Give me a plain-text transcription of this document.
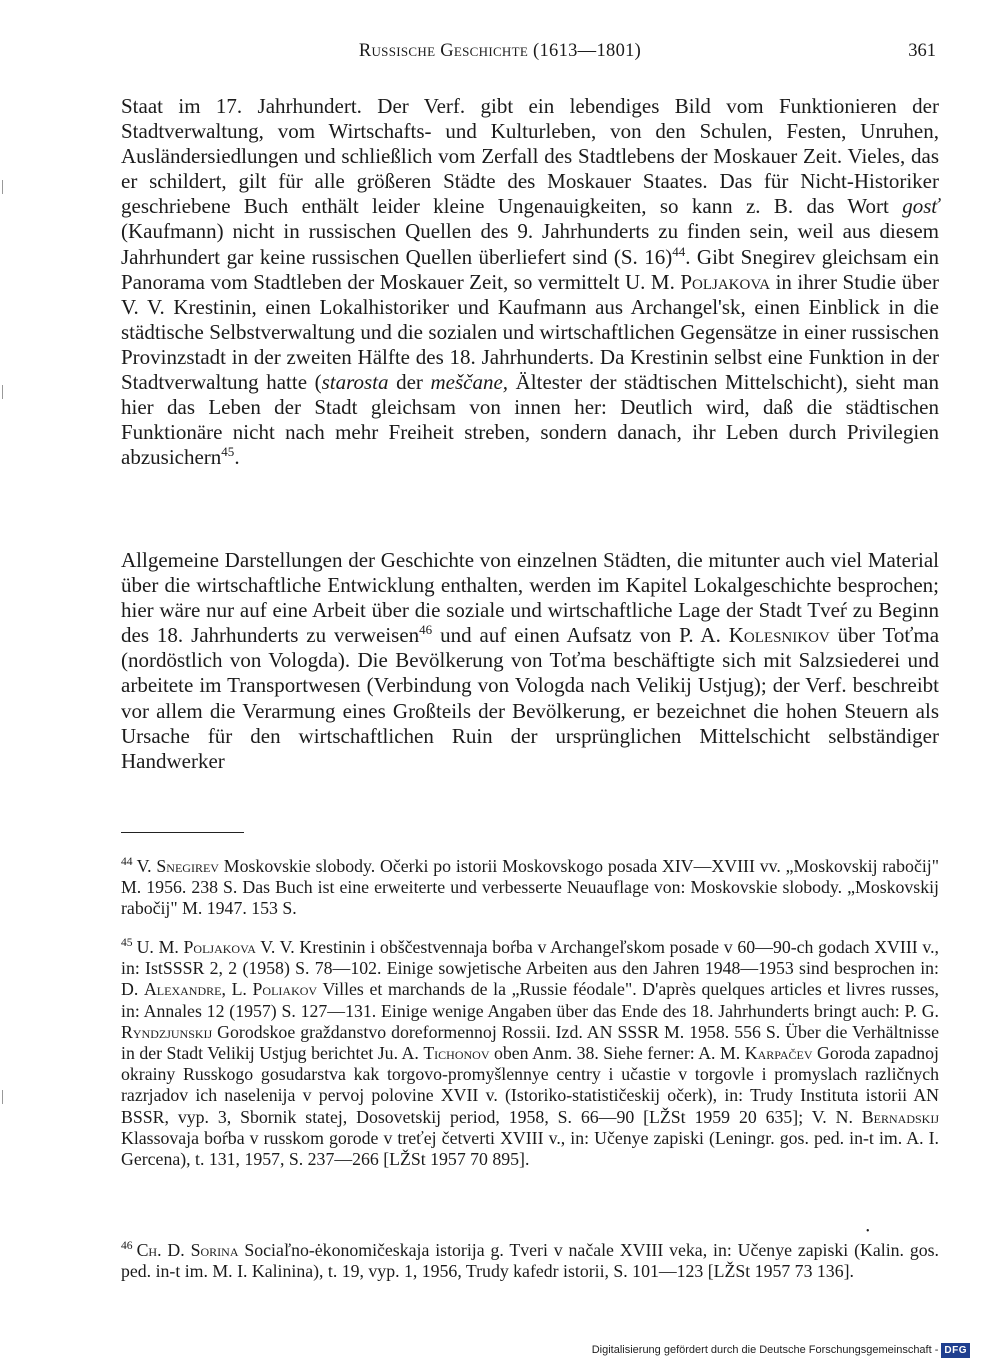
Russische Geschichte (1613—1801)	361

Staat im 17. Jahrhundert. Der Verf. gibt ein lebendiges Bild vom Funktionieren der Stadtverwaltung, vom Wirtschafts- und Kulturleben, von den Schulen, Festen, Unruhen, Ausländersiedlungen und schließlich vom Zerfall des Stadtlebens der Moskauer Zeit. Vieles, das er schildert, gilt für alle größeren Städte des Moskauer Staates. Das für Nicht-Historiker geschriebene Buch enthält leider kleine Ungenauigkeiten, so kann z. B. das Wort gosť (Kaufmann) nicht in russischen Quellen des 9. Jahrhunderts zu finden sein, weil aus diesem Jahrhundert gar keine russischen Quellen überliefert sind (S. 16)$^{44}$. Gibt Snegirev gleichsam ein Panorama vom Stadtleben der Moskauer Zeit, so vermittelt U. M. Poljakova in ihrer Studie über V. V. Krestinin, einen Lokalhistoriker und Kaufmann aus Archangel'sk, einen Einblick in die städtische Selbstverwaltung und die sozialen und wirtschaftlichen Gegensätze in einer russischen Provinzstadt in der zweiten Hälfte des 18. Jahrhunderts. Da Krestinin selbst eine Funktion in der Stadtverwaltung hatte (starosta der meščane, Ältester der städtischen Mittelschicht), sieht man hier das Leben der Stadt gleichsam von innen her: Deutlich wird, daß die städtischen Funktionäre nicht nach mehr Freiheit streben, sondern danach, ihr Leben durch Privilegien abzusichern$^{45}$.

Allgemeine Darstellungen der Geschichte von einzelnen Städten, die mitunter auch viel Material über die wirtschaftliche Entwicklung enthalten, werden im Kapitel Lokalgeschichte besprochen; hier wäre nur auf eine Arbeit über die soziale und wirtschaftliche Lage der Stadt Tveŕ zu Beginn des 18. Jahrhunderts zu verweisen$^{46}$ und auf einen Aufsatz von P. A. Kolesnikov über Toťma (nordöstlich von Vologda). Die Bevölkerung von Toťma beschäftigte sich mit Salzsiederei und arbeitete im Transportwesen (Verbindung von Vologda nach Velikij Ustjug); der Verf. beschreibt vor allem die Verarmung eines Großteils der Bevölkerung, er bezeichnet die hohen Steuern als Ursache für den wirtschaftlichen Ruin der ursprünglichen Mittelschicht selbständiger Handwerker

$^{44}$ V. Snegirev Moskovskie slobody. Očerki po istorii Moskovskogo posada XIV—XVIII vv. „Moskovskij rabočij" M. 1956. 238 S. Das Buch ist eine erweiterte und verbesserte Neuauflage von: Moskovskie slobody. „Moskovskij rabočij" M. 1947. 153 S.

$^{45}$ U. M. Poljakova V. V. Krestinin i obščestvennaja boŕba v Archangeľskom posade v 60—90-ch godach XVIII v., in: IstSSSR 2, 2 (1958) S. 78—102. Einige sowjetische Arbeiten aus den Jahren 1948—1953 sind besprochen in: D. Alexandre, L. Poliakov Villes et marchands de la „Russie féodale". D'après quelques articles et livres russes, in: Annales 12 (1957) S. 127—131. Einige wenige Angaben über das Ende des 18. Jahrhunderts bringt auch: P. G. Ryndzjunskij Gorodskoe graždanstvo doreformennoj Rossii. Izd. AN SSSR M. 1958. 556 S. Über die Verhältnisse in der Stadt Velikij Ustjug berichtet Ju. A. Tichonov oben Anm. 38. Siehe ferner: A. M. Karpačev Goroda zapadnoj okrainy Russkogo gosudarstva kak torgovo-promyšlennye centry i učastie v torgovle i promyslach različnych razrjadov ich naselenija v pervoj polovine XVII v. (Istoriko-statističeskij očerk), in: Trudy Instituta istorii AN BSSR, vyp. 3, Sbornik statej, Dosovetskij period, 1958, S. 66—90 [LŽSt 1959 20 635]; V. N. Bernadskij Klassovaja boŕba v russkom gorode v treťej četverti XVIII v., in: Učenye zapiski (Leningr. gos. ped. in-t im. A. I. Gercena), t. 131, 1957, S. 237—266 [LŽSt 1957 70 895].

$^{46}$ Ch. D. Sorina Sociaľno-ėkonomičeskaja istorija g. Tveri v načale XVIII veka, in: Učenye zapiski (Kalin. gos. ped. in-t im. M. I. Kalinina), t. 19, vyp. 1, 1956, Trudy kafedr istorii, S. 101—123 [LŽSt 1957 73 136].

•
Digitalisierung gefördert durch die Deutsche Forschungsgemeinschaft - DFG
